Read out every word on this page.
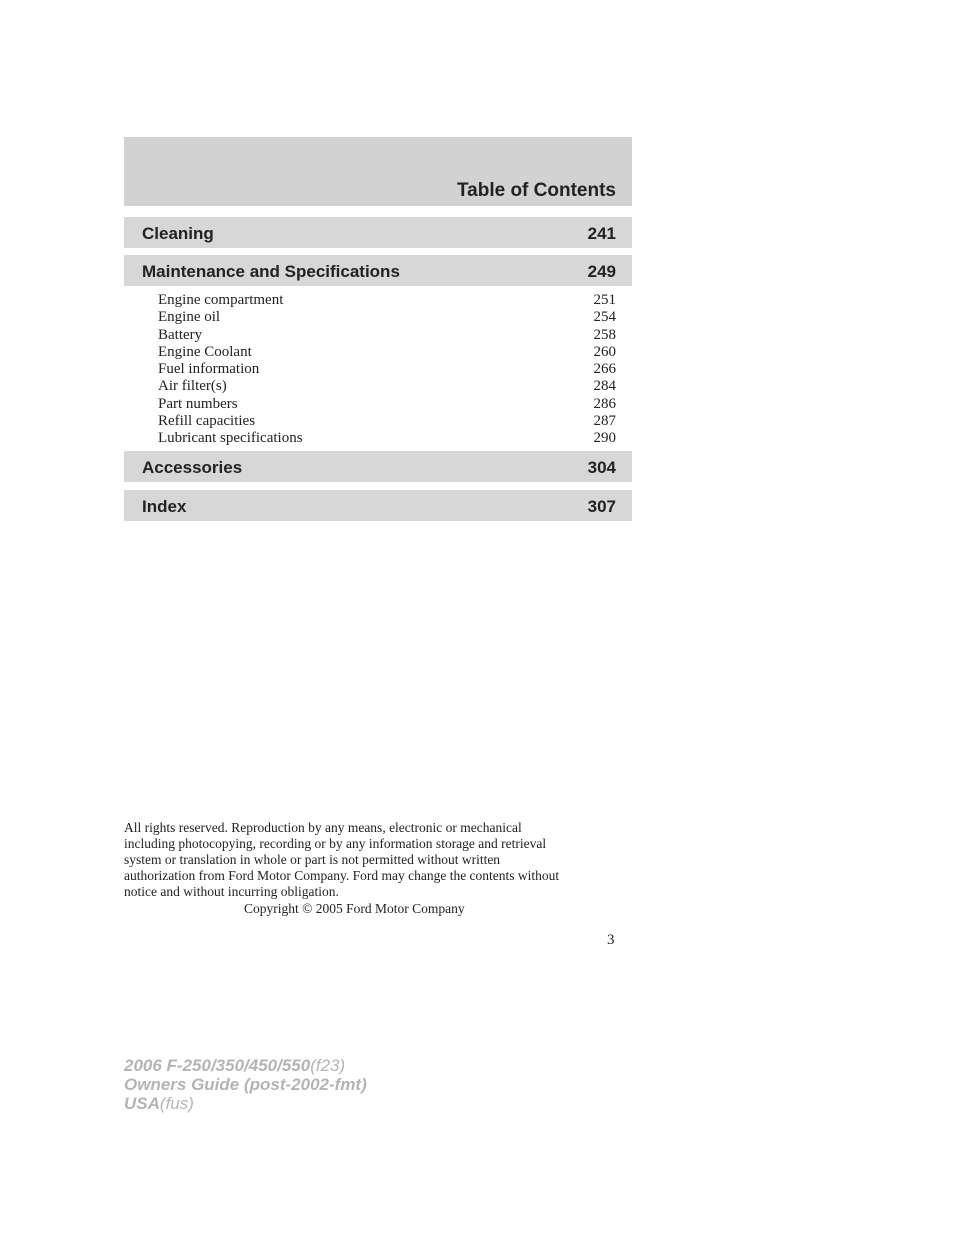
Table of Contents
Cleaning	241
Maintenance and Specifications	249
Engine compartment	251
Engine oil	254
Battery	258
Engine Coolant	260
Fuel information	266
Air filter(s)	284
Part numbers	286
Refill capacities	287
Lubricant specifications	290
Accessories	304
Index	307
All rights reserved. Reproduction by any means, electronic or mechanical
including photocopying, recording or by any information storage and retrieval
system or translation in whole or part is not permitted without written
authorization from Ford Motor Company. Ford may change the contents without
notice and without incurring obligation.
Copyright © 2005 Ford Motor Company
3
2006 F-250/350/450/550(f23)
Owners Guide (post-2002-fmt)
USA(fus)
